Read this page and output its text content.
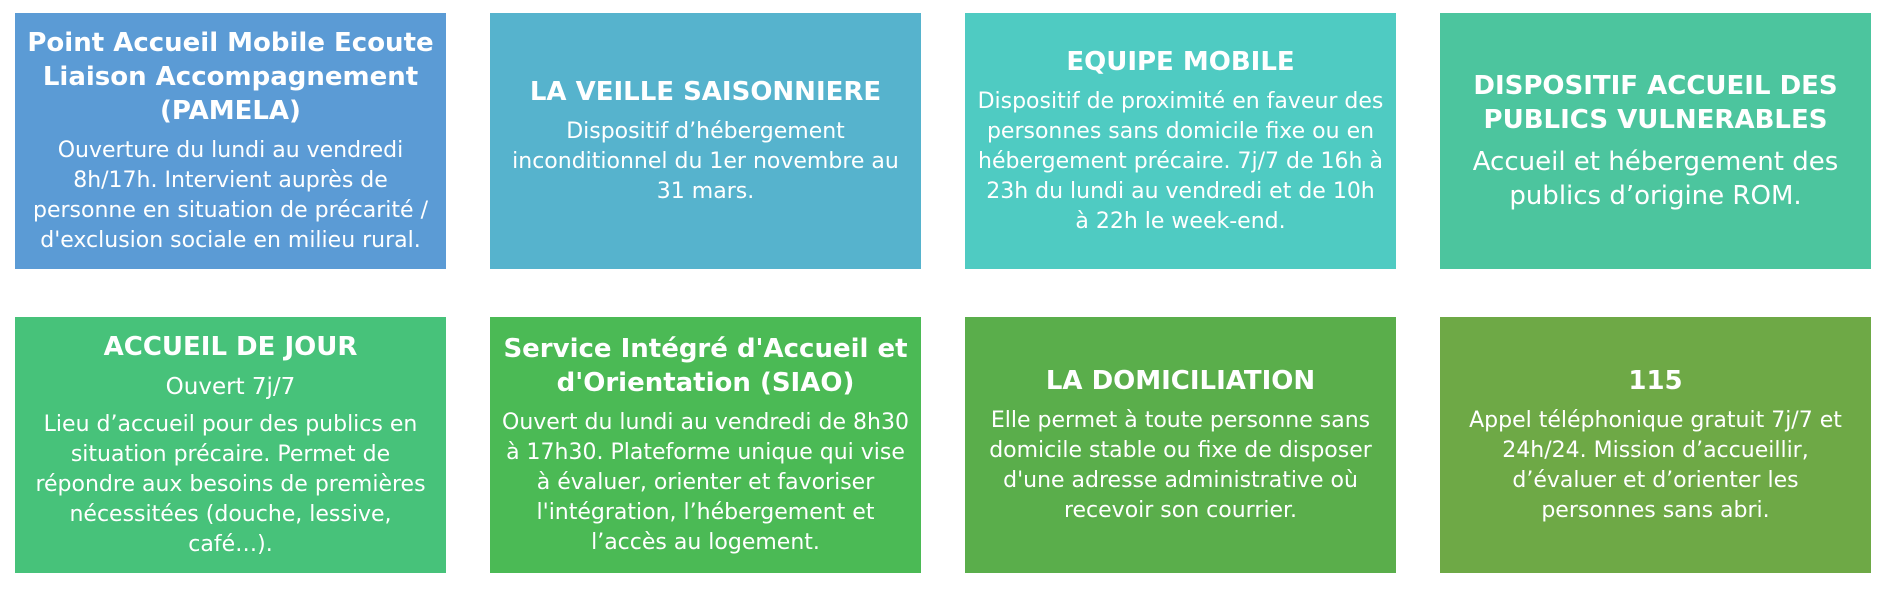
Point Accueil Mobile Ecoute Liaison Accompagnement (PAMELA)
Ouverture du lundi au vendredi 8h/17h. Intervient auprès de personne en situation de précarité / d'exclusion sociale en milieu rural.
LA VEILLE SAISONNIERE
Dispositif d’hébergement inconditionnel du 1er novembre au 31 mars.
EQUIPE MOBILE
Dispositif de proximité en faveur des personnes sans domicile fixe ou en hébergement précaire. 7j/7 de 16h à 23h du lundi au vendredi et de 10h à 22h le week-end.
DISPOSITIF ACCUEIL DES PUBLICS VULNERABLES
Accueil et hébergement des publics d’origine ROM.
ACCUEIL DE JOUR
Ouvert 7j/7
Lieu d’accueil pour des publics en situation précaire. Permet de répondre aux besoins de premières nécessitées (douche, lessive, café…).
Service Intégré d'Accueil et d'Orientation (SIAO)
Ouvert du lundi au vendredi de 8h30 à 17h30. Plateforme unique qui vise à évaluer, orienter et favoriser l'intégration, l’hébergement et l’accès au logement.
LA DOMICILIATION
Elle permet à toute personne sans domicile stable ou fixe de disposer d'une adresse administrative où recevoir son courrier.
115
Appel téléphonique gratuit 7j/7 et 24h/24. Mission d’accueillir, d’évaluer et d’orienter les personnes sans abri.
